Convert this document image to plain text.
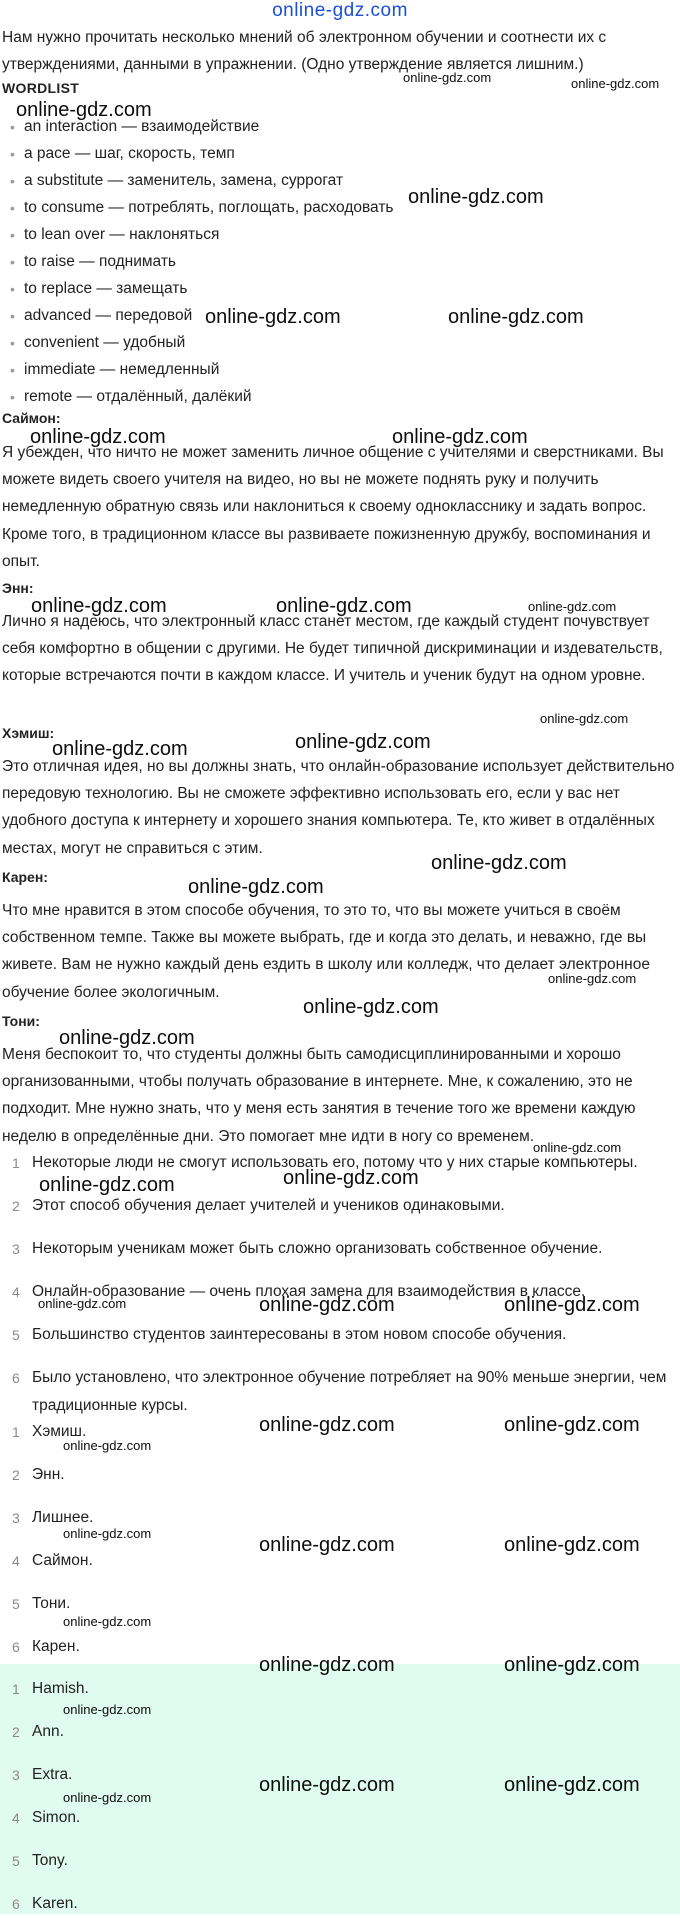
online-gdz.com
Нам нужно прочитать несколько мнений об электронном обучении и соотнести их с утверждениями, данными в упражнении. (Одно утверждение является лишним.)
WORDLIST
• an interaction — взаимодействие
• a pace — шаг, скорость, темп
• a substitute — заменитель, замена, суррогат
• to consume — потреблять, поглощать, расходовать
• to lean over — наклоняться
• to raise — поднимать
• to replace — замещать
• advanced — передовой
• convenient — удобный
• immediate — немедленный
• remote — отдалённый, далёкий
Саймон:
Я убежден, что ничто не может заменить личное общение с учителями и сверстниками. Вы можете видеть своего учителя на видео, но вы не можете поднять руку и получить немедленную обратную связь или наклониться к своему однокласснику и задать вопрос. Кроме того, в традиционном классе вы развиваете пожизненную дружбу, воспоминания и опыт.
Энн:
Лично я надеюсь, что электронный класс станет местом, где каждый студент почувствует себя комфортно в общении с другими. Не будет типичной дискриминации и издевательств, которые встречаются почти в каждом классе. И учитель и ученик будут на одном уровне.
Хэмиш:
Это отличная идея, но вы должны знать, что онлайн-образование использует действительно передовую технологию. Вы не сможете эффективно использовать его, если у вас нет удобного доступа к интернету и хорошего знания компьютера. Те, кто живет в отдалённых местах, могут не справиться с этим.
Карен:
Что мне нравится в этом способе обучения, то это то, что вы можете учиться в своём собственном темпе. Также вы можете выбрать, где и когда это делать, и неважно, где вы живете. Вам не нужно каждый день ездить в школу или колледж, что делает электронное обучение более экологичным.
Тони:
Меня беспокоит то, что студенты должны быть самодисциплинированными и хорошо организованными, чтобы получать образование в интернете. Мне, к сожалению, это не подходит. Мне нужно знать, что у меня есть занятия в течение того же времени каждую неделю в определённые дни. Это помогает мне идти в ногу со временем.
1 Некоторые люди не смогут использовать его, потому что у них старые компьютеры.
2 Этот способ обучения делает учителей и учеников одинаковыми.
3 Некоторым ученикам может быть сложно организовать собственное обучение.
4 Онлайн-образование — очень плохая замена для взаимодействия в классе.
5 Большинство студентов заинтересованы в этом новом способе обучения.
6 Было установлено, что электронное обучение потребляет на 90% меньше энергии, чем традиционные курсы.
1 Хэмиш.
2 Энн.
3 Лишнее.
4 Саймон.
5 Тони.
6 Карен.
1 Hamish.
2 Ann.
3 Extra.
4 Simon.
5 Tony.
6 Karen.
online-gdz.com	online-gdz.com
online-gdz.com
online-gdz.com
online-gdz.com	online-gdz.com
online-gdz.com	online-gdz.com
online-gdz.com	online-gdz.com	online-gdz.com
online-gdz.com
online-gdz.com	online-gdz.com
online-gdz.com
online-gdz.com
online-gdz.com
online-gdz.com
online-gdz.com
online-gdz.com
online-gdz.com	online-gdz.com
online-gdz.com	online-gdz.com	online-gdz.com
online-gdz.com	online-gdz.com
online-gdz.com
online-gdz.com
online-gdz.com	online-gdz.com
online-gdz.com
online-gdz.com	online-gdz.com
online-gdz.com
online-gdz.com
online-gdz.com	online-gdz.com
